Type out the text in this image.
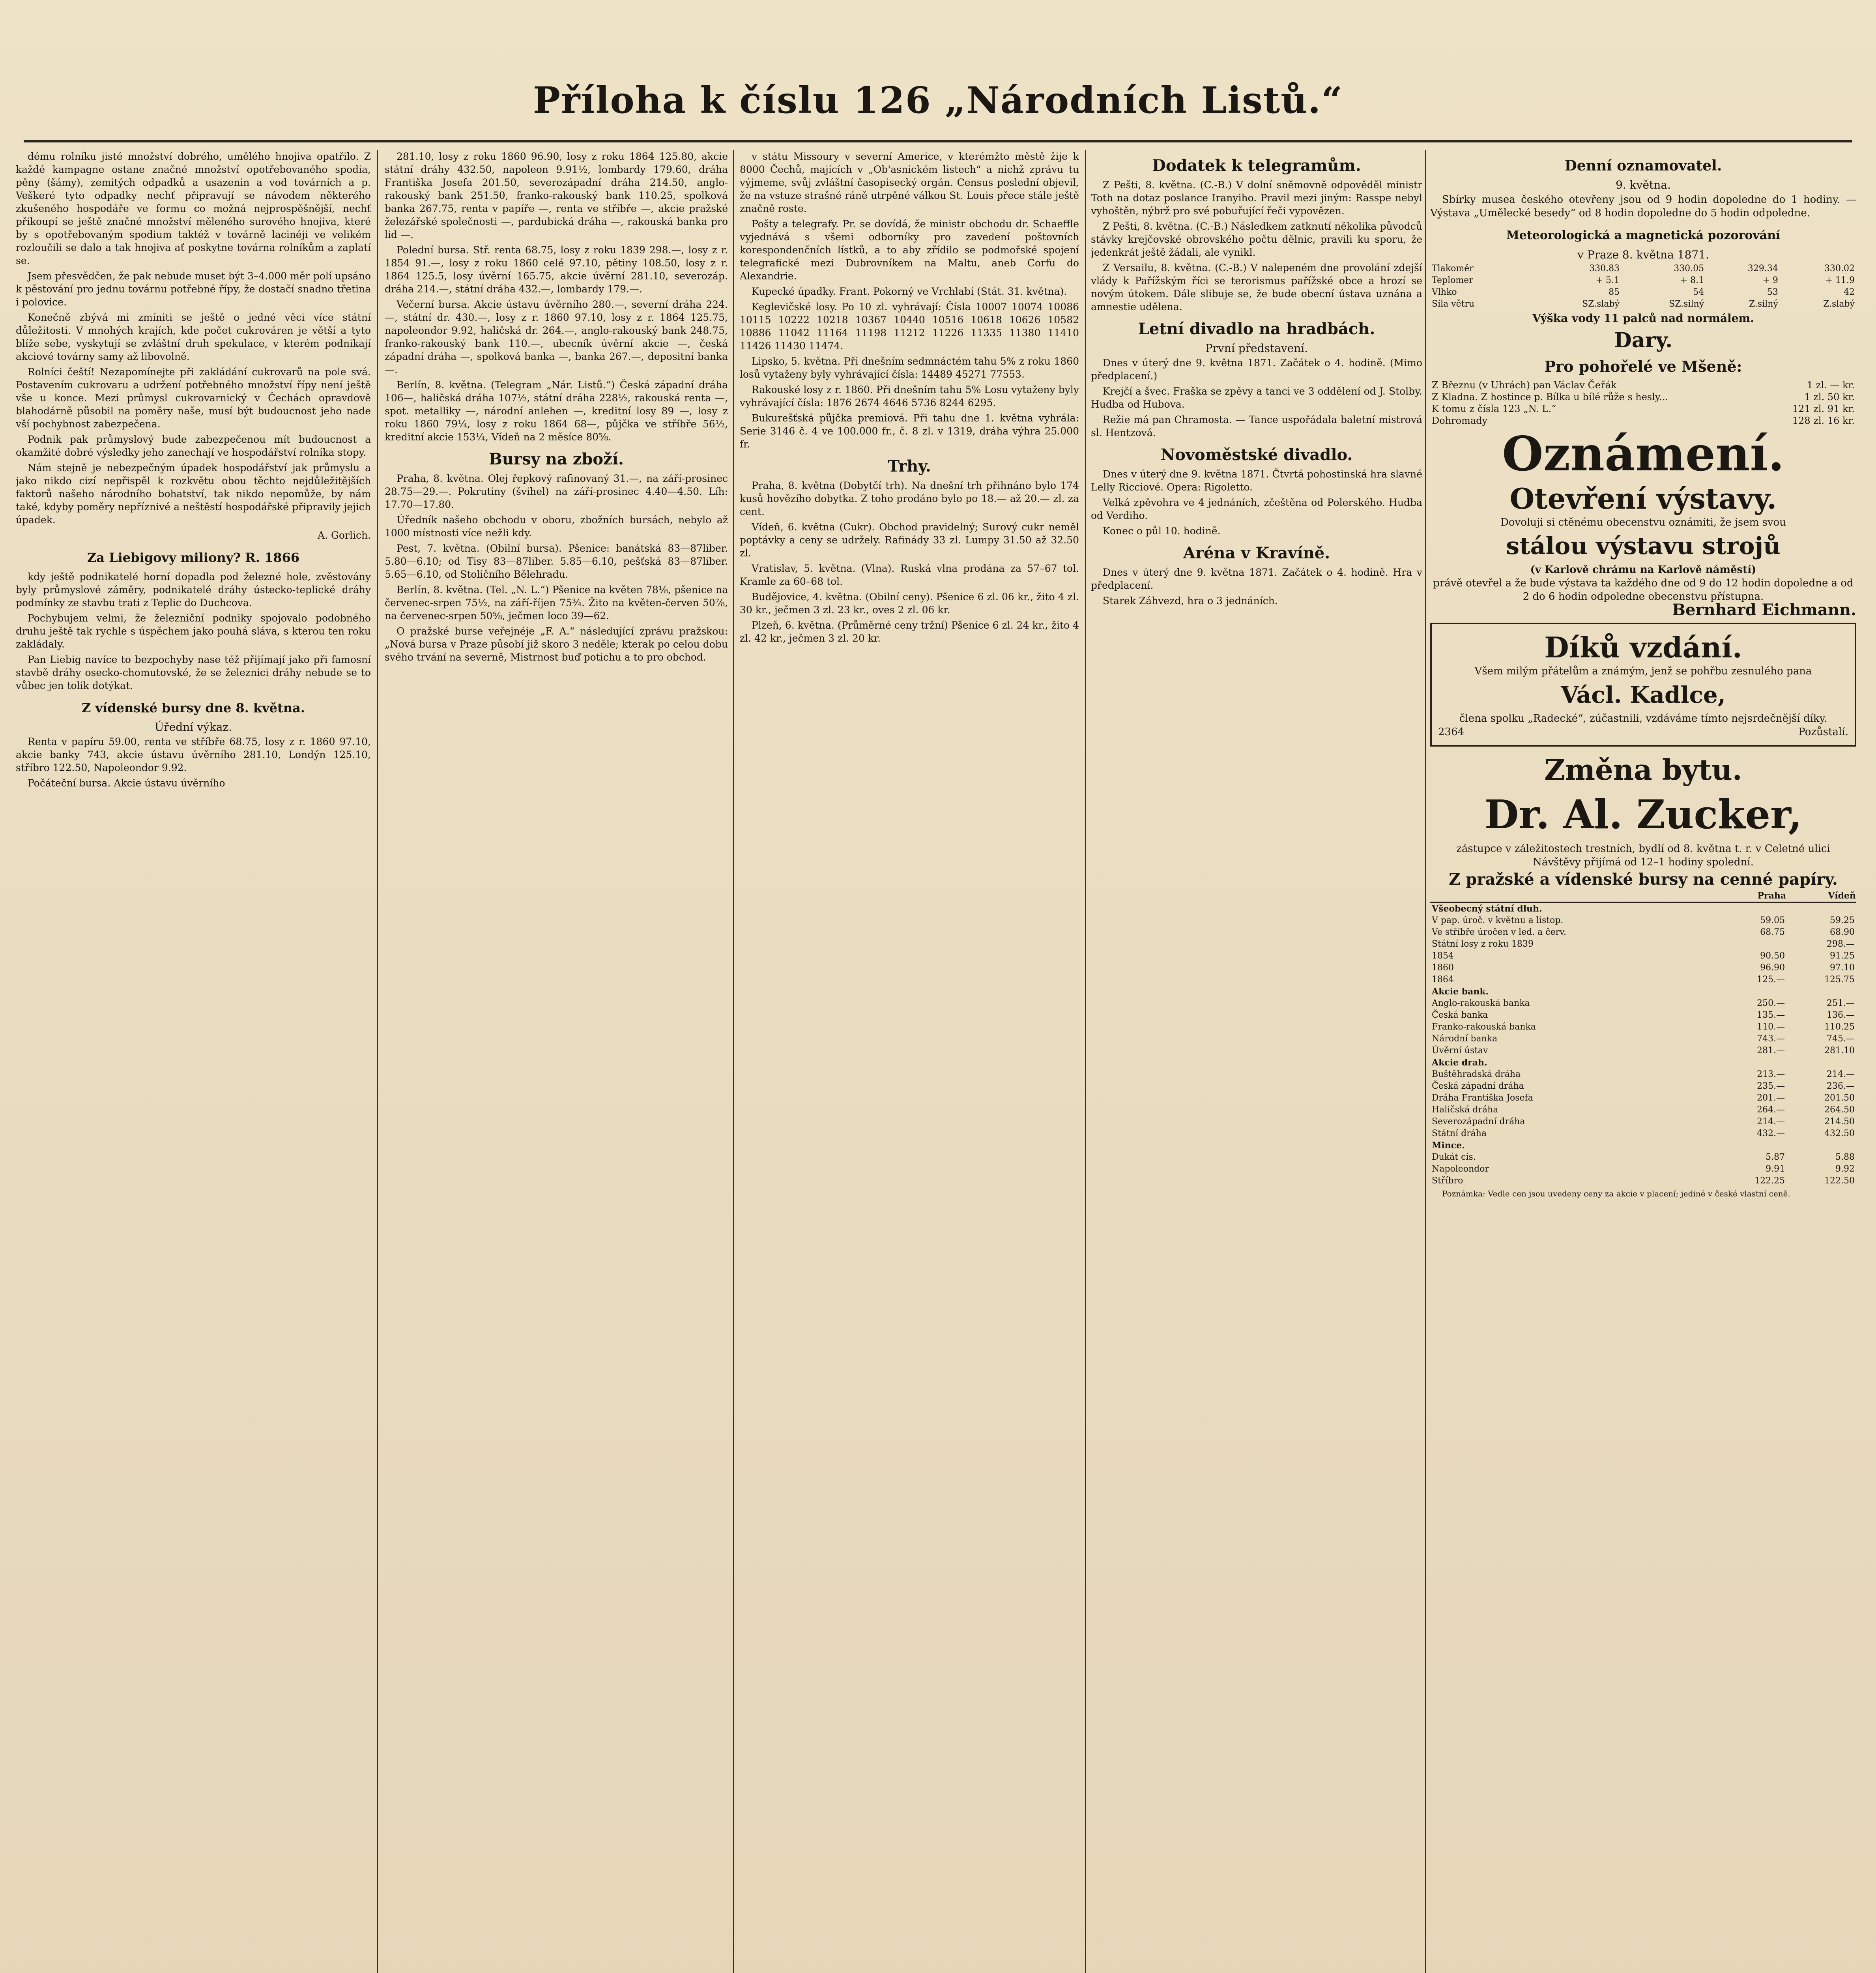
Příloha k číslu 126 „Národních Listů.“

dému rolníku jisté množství dobrého, umělého hnojiva opatřilo. Z každé kampagne ostane značné množství opotřebovaného spodia, pěny (šámy), zemitých odpadků a usazenin a vod továrních a p. Veškeré tyto odpadky nechť připravují se návodem některého zkušeného hospodáře ve formu co možná nejprospěšnější, nechť přikoupí se ještě značné množství měleného surového hnojiva, které by s opotřebovaným spodium taktéž v továrně lacinéji ve velikém rozloučili se dalo a tak hnojiva ať poskytne továrna rolníkům a zaplatí se.

Jsem přesvědčen, že pak nebude muset být 3–4.000 měr polí upsáno k pěstování pro jednu továrnu potřebné řípy, že dostačí snadno třetina i polovice.

Konečně zbývá mi zmíniti se ještě o jedné věci více státní důležitosti. V mnohých krajích, kde počet cukrováren je větší a tyto blíže sebe, vyskytují se zvláštní druh spekulace, v kterém podnikají akciové továrny samy až libovolně.

Rolníci čeští! Nezapomínejte při zakládání cukrovarů na pole svá. Postavením cukrovaru a udržení potřebného množství řípy není ještě vše u konce. Mezi průmysl cukrovarnický v Čechách opravdově blahodárně působil na poměry naše, musí být budoucnost jeho nade vší pochybnost zabezpečena.

Podnik pak průmyslový bude zabezpečenou mít budoucnost a okamžité dobré výsledky jeho zanechají ve hospodářství rolníka stopy.

Nám stejně je nebezpečným úpadek hospodářství jak průmyslu a jako nikdo cizí nepřispěl k rozkvětu obou těchto nejdůležitějších faktorů našeho národního bohatství, tak nikdo nepomůže, by nám také, kdyby poměry nepříznivé a neštěstí hospodářské připravily jejich úpadek.

A. Gorlich.

Za Liebigovy miliony? R. 1866

kdy ještě podnikatelé horní dopadla pod železné hole, zvěstovány byly průmyslové záměry, podnikatelé dráhy ústecko-teplické dráhy podmínky ze stavbu trati z Teplic do Duchcova.

Pochybujem velmi, že železniční podniky spojovalo podobného druhu ještě tak rychle s úspěchem jako pouhá sláva, s kterou ten roku zakládaly.

Pan Liebig navíce to bezpochyby nase též přijímají jako při famosní stavbě dráhy osecko-chomutovské, že se železnici dráhy nebude se to vůbec jen tolik dotýkat.

Z vídenské bursy dne 8. května.
Úřední výkaz.

Renta v papíru 59.00, renta ve stříbře 68.75, losy z r. 1860 97.10, akcie banky 743, akcie ústavu úvěrního 281.10, Londýn 125.10, stříbro 122.50, Napoleondor 9.92.

Počáteční bursa. Akcie ústavu úvěrního

281.10, losy z roku 1860 96.90, losy z roku 1864 125.80, akcie státní dráhy 432.50, napoleon 9.91½, lombardy 179.60, dráha Františka Josefa 201.50, severozápadní dráha 214.50, anglo-rakouský bank 251.50, franko-rakouský bank 110.25, spolková banka 267.75, renta v papíře —, renta ve stříbře —, akcie pražské železářské společnosti —, pardubická dráha —, rakouská banka pro lid —.

Polední bursa. Stř. renta 68.75, losy z roku 1839 298.—, losy z r. 1854 91.—, losy z roku 1860 celé 97.10, pětiny 108.50, losy z r. 1864 125.5, losy úvěrní 165.75, akcie úvěrní 281.10, severozáp. dráha 214.—, státní dráha 432.—, lombardy 179.—.

Večerní bursa. Akcie ústavu úvěrního 280.—, severní dráha 224.—, státní dr. 430.—, losy z r. 1860 97.10, losy z r. 1864 125.75, napoleondor 9.92, haličská dr. 264.—, anglo-rakouský bank 248.75, franko-rakouský bank 110.—, ubecník úvěrní akcie —, česká západní dráha —, spolková banka —, banka 267.—, depositní banka —.

Berlín, 8. května. (Telegram „Nár. Listů.“) Česká západní dráha 106—, haličská dráha 107½, státní dráha 228½, rakouská renta —, spot. metalliky —, národní anlehen —, kreditní losy 89 —, losy z roku 1860 79¼, losy z roku 1864 68—, půjčka ve stříbře 56½, kreditní akcie 153¼, Vídeň na 2 měsíce 80⅝.

Bursy na zboží.

Praha, 8. května. Olej řepkový rafinovaný 31.—, na září-prosinec 28.75—29.—. Pokrutiny (švihel) na září-prosinec 4.40—4.50. Líh: 17.70—17.80.

Úředník našeho obchodu v oboru, zbožních bursách, nebylo až 1000 místnosti více nežli kdy.

Pest, 7. května. (Obilní bursa). Pšenice: banátská 83—87liber. 5.80—6.10; od Tisy 83—87liber. 5.85—6.10, pešťská 83—87liber. 5.65—6.10, od Stoličního Bělehradu.

Berlín, 8. května. (Tel. „N. L.“) Pšenice na květen 78⅛, pšenice na červenec-srpen 75½, na září-říjen 75¾. Žito na květen-červen 50⅞, na červenec-srpen 50⅝, ječmen loco 39—62.

O pražské burse veřejnéje „F. A.“ následující zprávu pražskou: „Nová bursa v Praze působí již skoro 3 neděle; kterak po celou dobu svého trvání na severně, Mistrnost buď potichu a to pro obchod.

v státu Missoury v severní Americe, v kterémžto městě žije k 8000 Čechů, majících v „Ob'asnickém listech“ a nichž zprávu tu výjmeme, svůj zvláštní časopisecký orgán. Census poslední objevil, že na vstuze strašné ráně utrpěné válkou St. Louis přece stále ještě značně roste.

Pošty a telegrafy. Pr. se dovídá, že ministr obchodu dr. Schaeffle vyjednává s všemi odborníky pro zavedení poštovních korespondenčních lístků, a to aby zřídilo se podmořské spojení telegrafické mezi Dubrovníkem na Maltu, aneb Corfu do Alexandrie.

Kupecké úpadky. Frant. Pokorný ve Vrchlabí (Stát. 31. května).

Keglevičské losy. Po 10 zl. vyhrávají: Čísla 10007 10074 10086 10115 10222 10218 10367 10440 10516 10618 10626 10582 10886 11042 11164 11198 11212 11226 11335 11380 11410 11426 11430 11474.

Lipsko, 5. května. Při dnešním sedmnáctém tahu 5% z roku 1860 losů vytaženy byly vyhrávající čísla: 14489 45271 77553.

Rakouské losy z r. 1860. Při dnešním tahu 5% Losu vytaženy byly vyhrávající čísla: 1876 2674 4646 5736 8244 6295.

Bukurešťská půjčka premiová. Při tahu dne 1. května vyhrála: Serie 3146 č. 4 ve 100.000 fr., č. 8 zl. v 1319, dráha výhra 25.000 fr.

Trhy.

Praha, 8. května (Dobytčí trh). Na dnešní trh přihnáno bylo 174 kusů hovězího dobytka. Z toho prodáno bylo po 18.— až 20.— zl. za cent.

Vídeň, 6. května (Cukr). Obchod pravidelný; Surový cukr neměl poptávky a ceny se udržely. Rafinády 33 zl. Lumpy 31.50 až 32.50 zl.

Vratislav, 5. května. (Vlna). Ruská vlna prodána za 57–67 tol. Kramle za 60–68 tol.

Budějovice, 4. května. (Obilní ceny). Pšenice 6 zl. 06 kr., žito 4 zl. 30 kr., ječmen 3 zl. 23 kr., oves 2 zl. 06 kr.

Plzeň, 6. května. (Průměrné ceny tržní) Pšenice 6 zl. 24 kr., žito 4 zl. 42 kr., ječmen 3 zl. 20 kr.

Dodatek k telegramům.

Z Pešti, 8. května. (C.-B.) V dolní sněmovně odpověděl ministr Toth na dotaz poslance Iranyiho. Pravil mezi jiným: Rasspe nebyl vyhoštěn, nýbrž pro své pobuřující řeči vypovězen.

Z Pešti, 8. května. (C.-B.) Následkem zatknutí několika původců stávky krejčovské obrovského počtu dělnic, pravili ku sporu, že jedenkrát ještě žádali, ale vynikl.

Z Versailu, 8. května. (C.-B.) V nalepeném dne provolání zdejší vlády k Pařížským říci se terorismus pařížské obce a hrozí se novým útokem. Dále slibuje se, že bude obecní ústava uznána a amnestie udělena.

Letní divadlo na hradbách.
První představení.

Dnes v úterý dne 9. května 1871. Začátek o 4. hodině. (Mimo předplacení.)

Krejčí a švec. Fraška se zpěvy a tanci ve 3 oddělení od J. Stolby. Hudba od Hubova.

Režie má pan Chramosta. — Tance uspořádala baletní mistrová sl. Hentzová.

Novoměstské divadlo.

Dnes v úterý dne 9. května 1871. Čtvrtá pohostinská hra slavné Lelly Ricciové. Opera: Rigoletto.

Velká zpěvohra ve 4 jednáních, zčeštěna od Polerského. Hudba od Verdiho.

Konec o půl 10. hodině.

Aréna v Kravíně.

Dnes v úterý dne 9. května 1871. Začátek o 4. hodině. Hra v předplacení.

Starek Záhvezd, hra o 3 jednáních.

Denní oznamovatel.
9. května.

Sbírky musea českého otevřeny jsou od 9 hodin dopoledne do 1 hodiny. — Výstava „Umělecké besedy“ od 8 hodin dopoledne do 5 hodin odpoledne.

Meteorologická a magnetická pozorování
v Praze 8. května 1871.
Tlakoměr	330.83	330.05	329.34	330.02
Teplomer	+ 5.1	+ 8.1	+ 9	+ 11.9
Vlhko	85	54	53	42
Síla větru	SZ.slabý	SZ.silný	Z.silný	Z.slabý
Výška vody 11 palců nad normálem.
Dary.
Pro pohořelé ve Mšeně:
Z Březnu (v Uhrách) pan Václav Čeřák	1 zl. — kr.
Z Kladna. Z hostince p. Bílka u bílé růže s hesly...	1 zl. 50 kr.
K tomu z čísla 123 „N. L.“	121 zl. 91 kr.
Dohromady	128 zl. 16 kr.
Oznámení.
Otevření výstavy.
Dovoluji si ctěnému obecenstvu oznámiti, že jsem svou
stálou výstavu strojů
(v Karlově chrámu na Karlově náměstí)
právě otevřel a že bude výstava ta každého dne od 9 do 12 hodin dopoledne a od 2 do 6 hodin odpoledne obecenstvu přístupna.
Bernhard Eichmann.
Díků vzdání.
Všem milým přátelům a známým, jenž se pohřbu zesnulého pana
Václ. Kadlce,
člena spolku „Radecké“, zúčastnili, vzdáváme tímto nejsrdečnější díky.
2364	Pozůstalí.
Změna bytu.
Dr. Al. Zucker,
zástupce v záležitostech trestních, bydlí od 8. května t. r. v Celetné ulici
Návštěvy přijímá od 12–1 hodiny spolední.
Z pražské a vídenské bursy na cenné papíry.
	Praha	Vídeň
Všeobecný státní dluh.		
V pap. úroč. v květnu a listop.	59.05	59.25
Ve stříbře úročen v led. a červ.	68.75	68.90
Státní losy z roku 1839		298.—
1854	90.50	91.25
1860	96.90	97.10
1864	125.—	125.75
Akcie bank.		
Anglo-rakouská banka	250.—	251.—
Česká banka	135.—	136.—
Franko-rakouská banka	110.—	110.25
Národní banka	743.—	745.—
Úvěrní ústav	281.—	281.10
Akcie drah.		
Buštěhradská dráha	213.—	214.—
Česká západní dráha	235.—	236.—
Dráha Františka Josefa	201.—	201.50
Haličská dráha	264.—	264.50
Severozápadní dráha	214.—	214.50
Státní dráha	432.—	432.50
Mince.		
Dukát cís.	5.87	5.88
Napoleondor	9.91	9.92
Stříbro	122.25	122.50

Poznámka: Vedle cen jsou uvedeny ceny za akcie v placení; jediné v české vlastní ceně.
